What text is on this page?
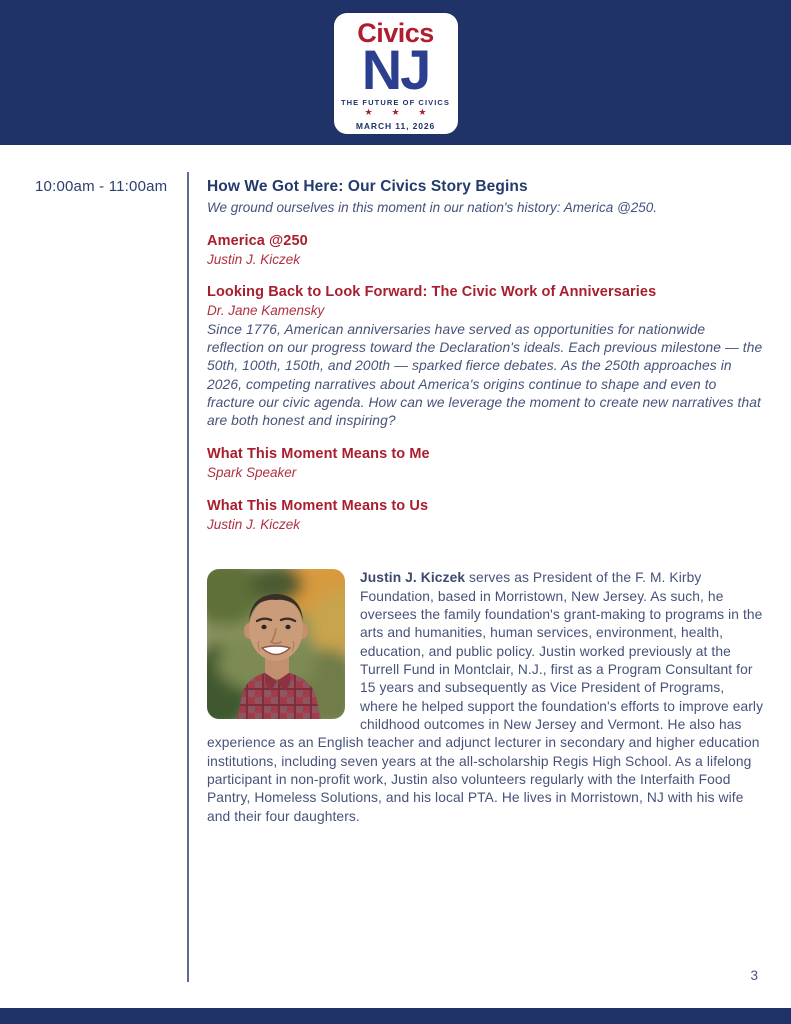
Civics
NJ
THE FUTURE OF CIVICS
★ ★ ★
MARCH 11, 2026
10:00am - 11:00am	How We Got Here: Our Civics Story Begins
We ground ourselves in this moment in our nation's history: America @250.
America @250
Justin J. Kiczek
Looking Back to Look Forward: The Civic Work of Anniversaries
Dr. Jane Kamensky
Since 1776, American anniversaries have served as opportunities for nationwide reflection on our progress toward the Declaration's ideals. Each previous milestone — the 50th, 100th, 150th, and 200th — sparked fierce debates. As the 250th approaches in 2026, competing narratives about America's origins continue to shape and even to fracture our civic agenda. How can we leverage the moment to create new narratives that are both honest and inspiring?
What This Moment Means to Me
Spark Speaker
What This Moment Means to Us
Justin J. Kiczek

Justin J. Kiczek serves as President of the F. M. Kirby Foundation, based in Morristown, New Jersey. As such, he oversees the family foundation's grant-making to programs in the arts and humanities, human services, environment, health, education, and public policy. Justin worked previously at the Turrell Fund in Montclair, N.J., first as a Program Consultant for 15 years and subsequently as Vice President of Programs, where he helped support the foundation's efforts to improve early childhood outcomes in New Jersey and Vermont. He also has experience as an English teacher and adjunct lecturer in secondary and higher education institutions, including seven years at the all-scholarship Regis High School. As a lifelong participant in non-profit work, Justin also volunteers regularly with the Interfaith Food Pantry, Homeless Solutions, and his local PTA. He lives in Morristown, NJ with his wife and their four daughters.

3
